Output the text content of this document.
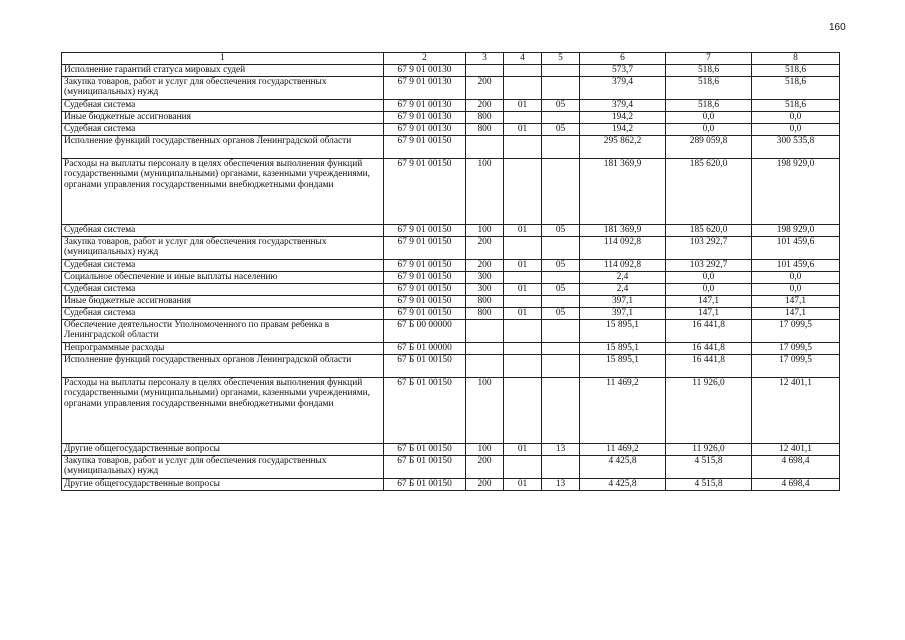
160
1	2	3	4	5	6	7	8
Исполнение гарантий статуса мировых судей	67 9 01 00130				573,7	518,6	518,6
Закупка товаров, работ и услуг для обеспечения государственных (муниципальных) нужд	67 9 01 00130	200			379,4	518,6	518,6
Судебная система	67 9 01 00130	200	01	05	379,4	518,6	518,6
Иные бюджетные ассигнования	67 9 01 00130	800			194,2	0,0	0,0
Судебная система	67 9 01 00130	800	01	05	194,2	0,0	0,0
Исполнение функций государственных органов Ленинградской области	67 9 01 00150				295 862,2	289 059,8	300 535,8
Расходы на выплаты персоналу в целях обеспечения выполнения функций государственными (муниципальными) органами, казенными учреждениями, органами управления государственными внебюджетными фондами	67 9 01 00150	100			181 369,9	185 620,0	198 929,0
Судебная система	67 9 01 00150	100	01	05	181 369,9	185 620,0	198 929,0
Закупка товаров, работ и услуг для обеспечения государственных (муниципальных) нужд	67 9 01 00150	200			114 092,8	103 292,7	101 459,6
Судебная система	67 9 01 00150	200	01	05	114 092,8	103 292,7	101 459,6
Социальное обеспечение и иные выплаты населению	67 9 01 00150	300			2,4	0,0	0,0
Судебная система	67 9 01 00150	300	01	05	2,4	0,0	0,0
Иные бюджетные ассигнования	67 9 01 00150	800			397,1	147,1	147,1
Судебная система	67 9 01 00150	800	01	05	397,1	147,1	147,1
Обеспечение деятельности Уполномоченного по правам ребенка в Ленинградской области	67 Б 00 00000				15 895,1	16 441,8	17 099,5
Непрограммные расходы	67 Б 01 00000				15 895,1	16 441,8	17 099,5
Исполнение функций государственных органов Ленинградской области	67 Б 01 00150				15 895,1	16 441,8	17 099,5
Расходы на выплаты персоналу в целях обеспечения выполнения функций государственными (муниципальными) органами, казенными учреждениями, органами управления государственными внебюджетными фондами	67 Б 01 00150	100			11 469,2	11 926,0	12 401,1
Другие общегосударственные вопросы	67 Б 01 00150	100	01	13	11 469,2	11 926,0	12 401,1
Закупка товаров, работ и услуг для обеспечения государственных (муниципальных) нужд	67 Б 01 00150	200			4 425,8	4 515,8	4 698,4
Другие общегосударственные вопросы	67 Б 01 00150	200	01	13	4 425,8	4 515,8	4 698,4
